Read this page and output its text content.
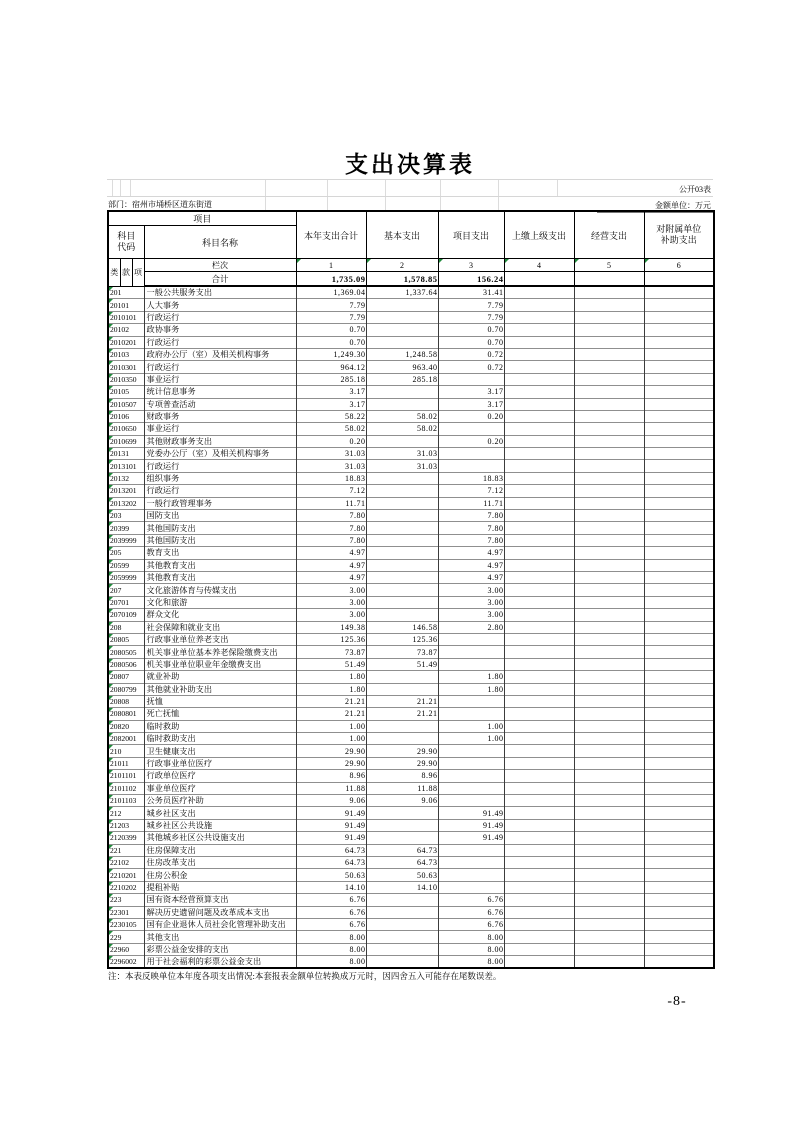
支出决算表
公开03表
部门：宿州市埇桥区道东街道	金额单位：万元
项目				本年支出合计	基本支出	项目支出	上缴上级支出	经营支出	对附属单位补助支出
科目代码			科目名称						
类	款	项	栏次	1	2	3	4	5	6
			合计	1,735.09	1,578.85	156.24			
201			一般公共服务支出	1,369.04	1,337.64	31.41			
20101			人大事务	7.79		7.79			
2010101			行政运行	7.79		7.79			
20102			政协事务	0.70		0.70			
2010201			行政运行	0.70		0.70			
20103			政府办公厅（室）及相关机构事务	1,249.30	1,248.58	0.72			
2010301			行政运行	964.12	963.40	0.72			
2010350			事业运行	285.18	285.18				
20105			统计信息事务	3.17		3.17			
2010507			专项普查活动	3.17		3.17			
20106			财政事务	58.22	58.02	0.20			
2010650			事业运行	58.02	58.02				
2010699			其他财政事务支出	0.20		0.20			
20131			党委办公厅（室）及相关机构事务	31.03	31.03				
2013101			行政运行	31.03	31.03				
20132			组织事务	18.83		18.83			
2013201			行政运行	7.12		7.12			
2013202			一般行政管理事务	11.71		11.71			
203			国防支出	7.80		7.80			
20399			其他国防支出	7.80		7.80			
2039999			其他国防支出	7.80		7.80			
205			教育支出	4.97		4.97			
20599			其他教育支出	4.97		4.97			
2059999			其他教育支出	4.97		4.97			
207			文化旅游体育与传媒支出	3.00		3.00			
20701			文化和旅游	3.00		3.00			
2070109			群众文化	3.00		3.00			
208			社会保障和就业支出	149.38	146.58	2.80			
20805			行政事业单位养老支出	125.36	125.36				
2080505			机关事业单位基本养老保险缴费支出	73.87	73.87				
2080506			机关事业单位职业年金缴费支出	51.49	51.49				
20807			就业补助	1.80		1.80			
2080799			其他就业补助支出	1.80		1.80			
20808			抚恤	21.21	21.21				
2080801			死亡抚恤	21.21	21.21				
20820			临时救助	1.00		1.00			
2082001			临时救助支出	1.00		1.00			
210			卫生健康支出	29.90	29.90				
21011			行政事业单位医疗	29.90	29.90				
2101101			行政单位医疗	8.96	8.96				
2101102			事业单位医疗	11.88	11.88				
2101103			公务员医疗补助	9.06	9.06				
212			城乡社区支出	91.49		91.49			
21203			城乡社区公共设施	91.49		91.49			
2120399			其他城乡社区公共设施支出	91.49		91.49			
221			住房保障支出	64.73	64.73				
22102			住房改革支出	64.73	64.73				
2210201			住房公积金	50.63	50.63				
2210202			提租补贴	14.10	14.10				
223			国有资本经营预算支出	6.76		6.76			
22301			解决历史遗留问题及改革成本支出	6.76		6.76			
2230105			国有企业退休人员社会化管理补助支出	6.76		6.76			
229			其他支出	8.00		8.00			
22960			彩票公益金安排的支出	8.00		8.00			
2296002			用于社会福利的彩票公益金支出	8.00		8.00			
注：本表反映单位本年度各项支出情况:本套报表金额单位转换成万元时，因四舍五入可能存在尾数误差。
-8-
